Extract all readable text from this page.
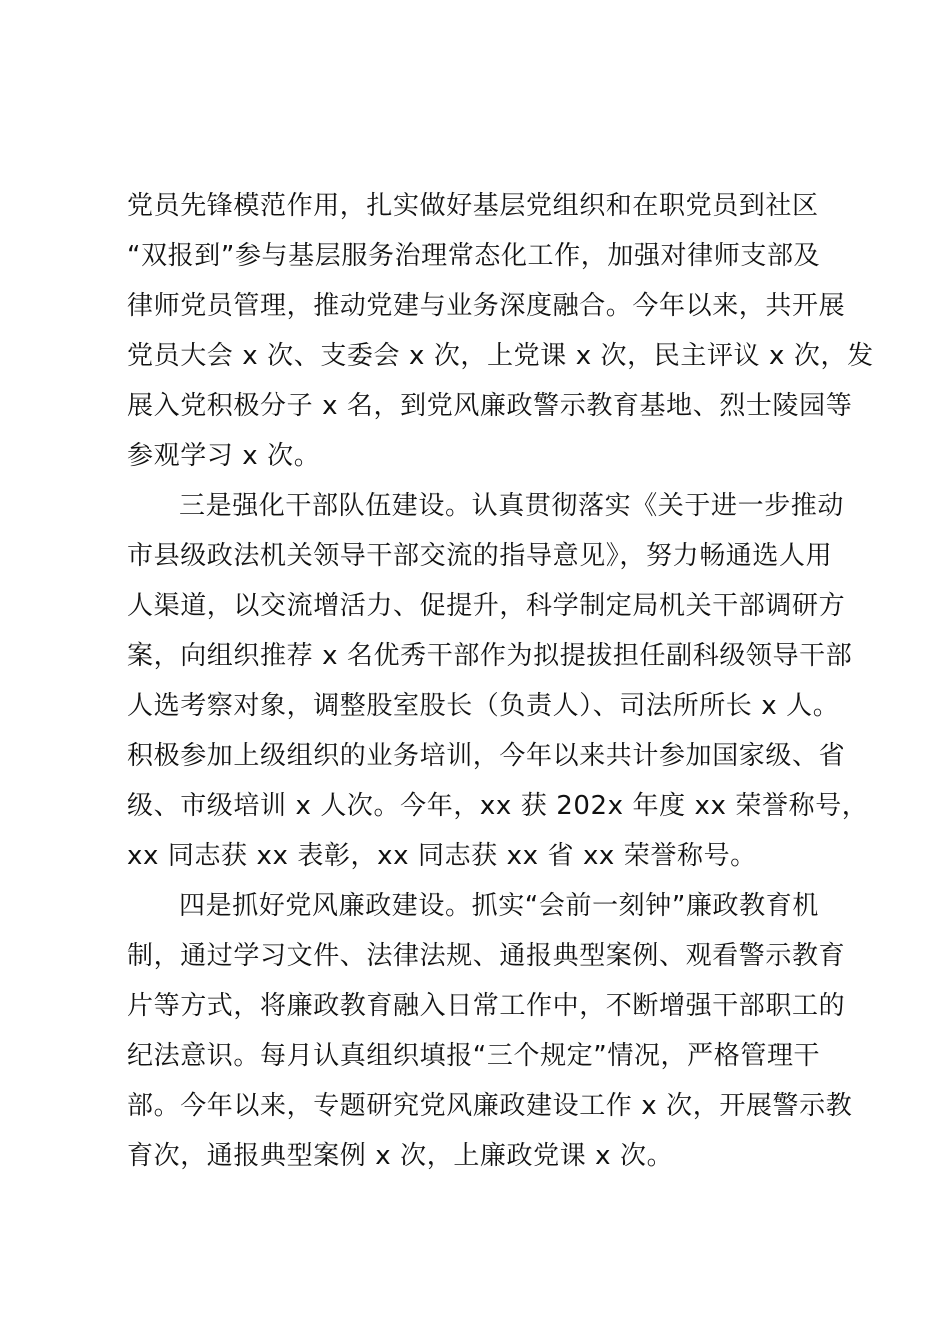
党员先锋模范作用，扎实做好基层党组织和在职党员到社区

“双报到”参与基层服务治理常态化工作，加强对律师支部及

律师党员管理，推动党建与业务深度融合。今年以来，共开展

党员大会 x 次、支委会 x 次，上党课 x 次，民主评议 x 次，发

展入党积极分子 x 名，到党风廉政警示教育基地、烈士陵园等

参观学习 x 次。

三是强化干部队伍建设。认真贯彻落实《关于进一步推动

市县级政法机关领导干部交流的指导意见》，努力畅通选人用

人渠道，以交流增活力、促提升，科学制定局机关干部调研方

案，向组织推荐 x 名优秀干部作为拟提拔担任副科级领导干部

人选考察对象，调整股室股长（负责人）、司法所所长 x 人。

积极参加上级组织的业务培训，今年以来共计参加国家级、省

级、市级培训 x 人次。今年，xx 获 202x 年度 xx 荣誉称号，

xx 同志获 xx 表彰，xx 同志获 xx 省 xx 荣誉称号。

四是抓好党风廉政建设。抓实“会前一刻钟”廉政教育机

制，通过学习文件、法律法规、通报典型案例、观看警示教育

片等方式，将廉政教育融入日常工作中，不断增强干部职工的

纪法意识。每月认真组织填报“三个规定”情况，严格管理干

部。今年以来，专题研究党风廉政建设工作 x 次，开展警示教

育次，通报典型案例 x 次，上廉政党课 x 次。
